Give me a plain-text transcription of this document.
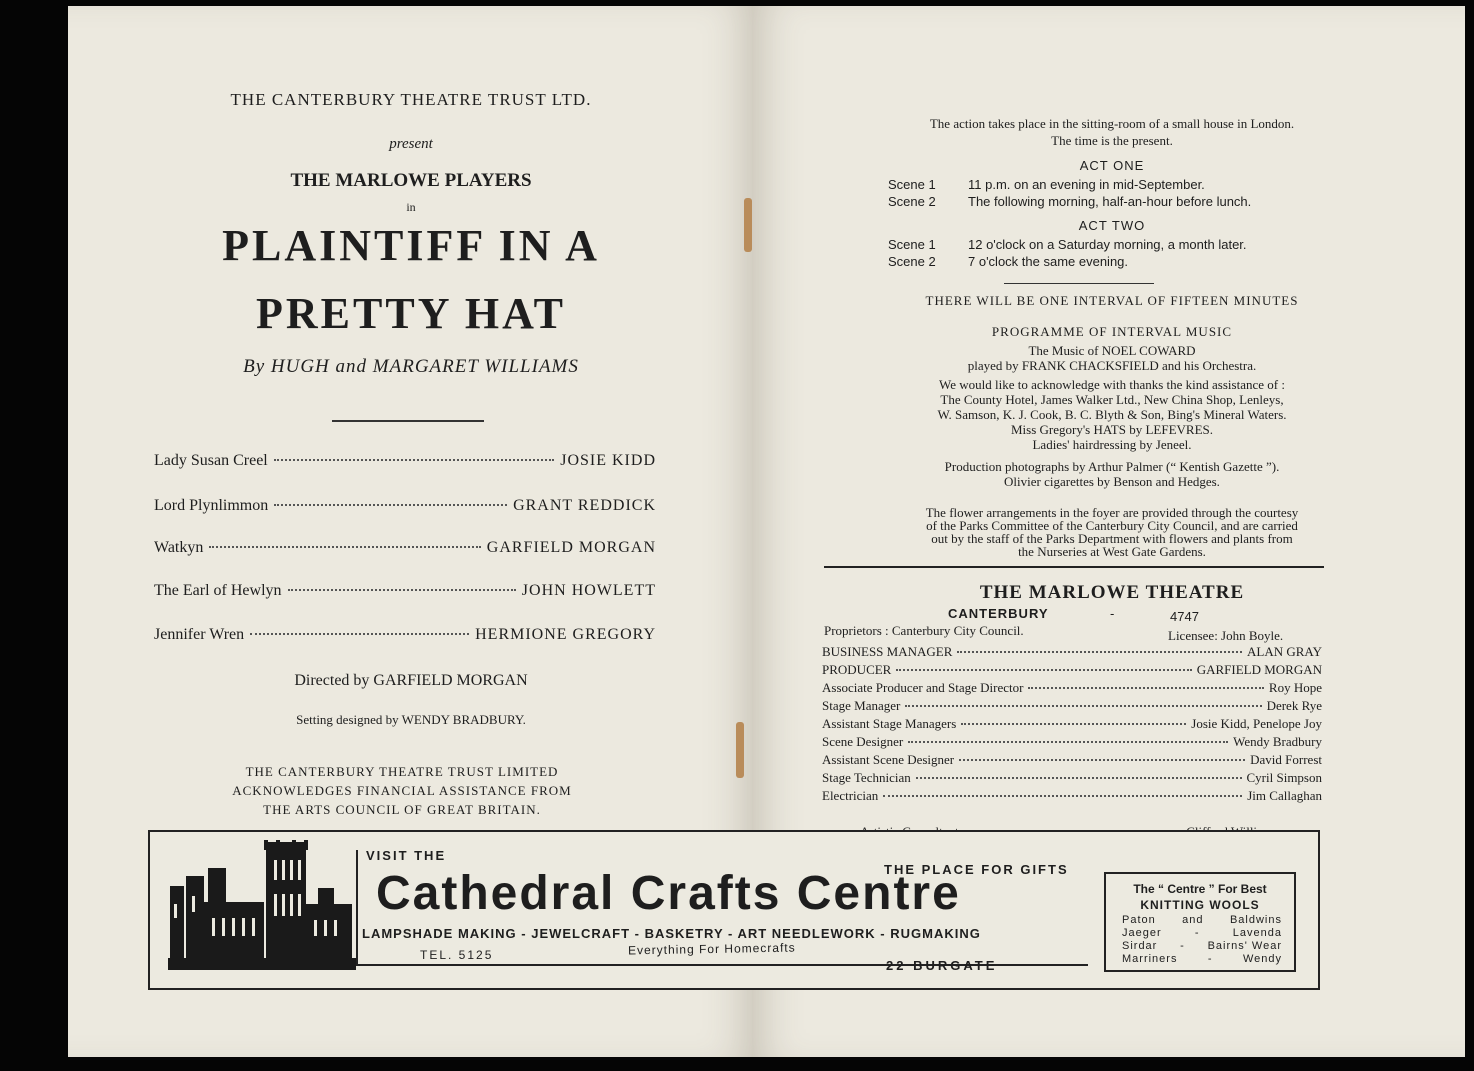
THE CANTERBURY THEATRE TRUST LTD.
present
THE MARLOWE PLAYERS
in
PLAINTIFF IN A
PRETTY HAT
By HUGH and MARGARET WILLIAMS
Lady Susan Creel	JOSIE KIDD
Lord Plynlimmon	GRANT REDDICK
Watkyn	GARFIELD MORGAN
The Earl of Hewlyn	JOHN HOWLETT
Jennifer Wren	HERMIONE GREGORY
Directed by GARFIELD MORGAN
Setting designed by WENDY BRADBURY.
THE CANTERBURY THEATRE TRUST LIMITED
ACKNOWLEDGES FINANCIAL ASSISTANCE FROM
THE ARTS COUNCIL OF GREAT BRITAIN.
The action takes place in the sitting-room of a small house in London.
The time is the present.
ACT ONE
Scene 1 11 p.m. on an evening in mid-September.
Scene 2 The following morning, half-an-hour before lunch.
ACT TWO
Scene 1 12 o'clock on a Saturday morning, a month later.
Scene 2 7 o'clock the same evening.
THERE WILL BE ONE INTERVAL OF FIFTEEN MINUTES
PROGRAMME OF INTERVAL MUSIC
The Music of NOEL COWARD
played by FRANK CHACKSFIELD and his Orchestra.
We would like to acknowledge with thanks the kind assistance of :
The County Hotel, James Walker Ltd., New China Shop, Lenleys,
W. Samson, K. J. Cook, B. C. Blyth & Son, Bing's Mineral Waters.
Miss Gregory's HATS by LEFEVRES.
Ladies' hairdressing by Jeneel.
Production photographs by Arthur Palmer (“ Kentish Gazette ”).
Olivier cigarettes by Benson and Hedges.
The flower arrangements in the foyer are provided through the courtesy
of the Parks Committee of the Canterbury City Council, and are carried
out by the staff of the Parks Department with flowers and plants from
the Nurseries at West Gate Gardens.
THE MARLOWE THEATRE
CANTERBURY	-	4747
Proprietors : Canterbury City Council.	Licensee: John Boyle.
BUSINESS MANAGER	ALAN GRAY
PRODUCER	GARFIELD MORGAN
Associate Producer and Stage Director	Roy Hope
Stage Manager	Derek Rye
Assistant Stage Managers	Josie Kidd, Penelope Joy
Scene Designer	Wendy Bradbury
Assistant Scene Designer	David Forrest
Stage Technician	Cyril Simpson
Electrician	Jim Callaghan
VISIT THE
THE PLACE FOR GIFTS
Cathedral Crafts Centre
LAMPSHADE MAKING - JEWELCRAFT - BASKETRY - ART NEEDLEWORK - RUGMAKING
TEL. 5125	Everything For Homecrafts
22 BURGATE
The “ Centre ” For Best
KNITTING WOOLS
Paton and Baldwins
Jaeger	-	Lavenda
Sirdar - Bairns' Wear
Marriners	-	Wendy
